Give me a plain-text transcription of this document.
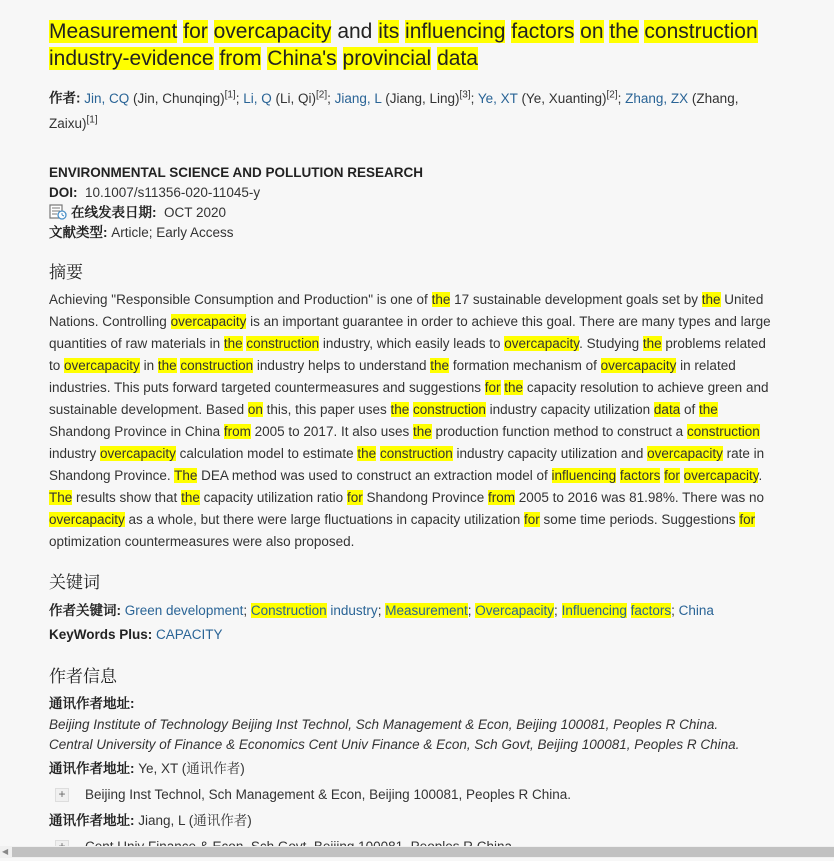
Measurement for overcapacity and its influencing factors on the construction industry-evidence from China's provincial data
作者: Jin, CQ (Jin, Chunqing)[1]; Li, Q (Li, Qi)[2]; Jiang, L (Jiang, Ling)[3]; Ye, XT (Ye, Xuanting)[2]; Zhang, ZX (Zhang, Zaixu)[1]
ENVIRONMENTAL SCIENCE AND POLLUTION RESEARCH
DOI: 10.1007/s11356-020-11045-y
在线发表日期: OCT 2020
文献类型: Article; Early Access
摘要
Achieving "Responsible Consumption and Production" is one of the 17 sustainable development goals set by the United Nations. Controlling overcapacity is an important guarantee in order to achieve this goal. There are many types and large quantities of raw materials in the construction industry, which easily leads to overcapacity. Studying the problems related to overcapacity in the construction industry helps to understand the formation mechanism of overcapacity in related industries. This puts forward targeted countermeasures and suggestions for the capacity resolution to achieve green and sustainable development. Based on this, this paper uses the construction industry capacity utilization data of the Shandong Province in China from 2005 to 2017. It also uses the production function method to construct a construction industry overcapacity calculation model to estimate the construction industry capacity utilization and overcapacity rate in Shandong Province. The DEA method was used to construct an extraction model of influencing factors for overcapacity. The results show that the capacity utilization ratio for Shandong Province from 2005 to 2016 was 81.98%. There was no overcapacity as a whole, but there were large fluctuations in capacity utilization for some time periods. Suggestions for optimization countermeasures were also proposed.
关键词
作者关键词: Green development; Construction industry; Measurement; Overcapacity; Influencing factors; China
KeyWords Plus: CAPACITY
作者信息
通讯作者地址:
Beijing Institute of Technology Beijing Inst Technol, Sch Management & Econ, Beijing 100081, Peoples R China.
Central University of Finance & Economics Cent Univ Finance & Econ, Sch Govt, Beijing 100081, Peoples R China.
通讯作者地址: Ye, XT (通讯作者)
+ Beijing Inst Technol, Sch Management & Econ, Beijing 100081, Peoples R China.
通讯作者地址: Jiang, L (通讯作者)
◀
